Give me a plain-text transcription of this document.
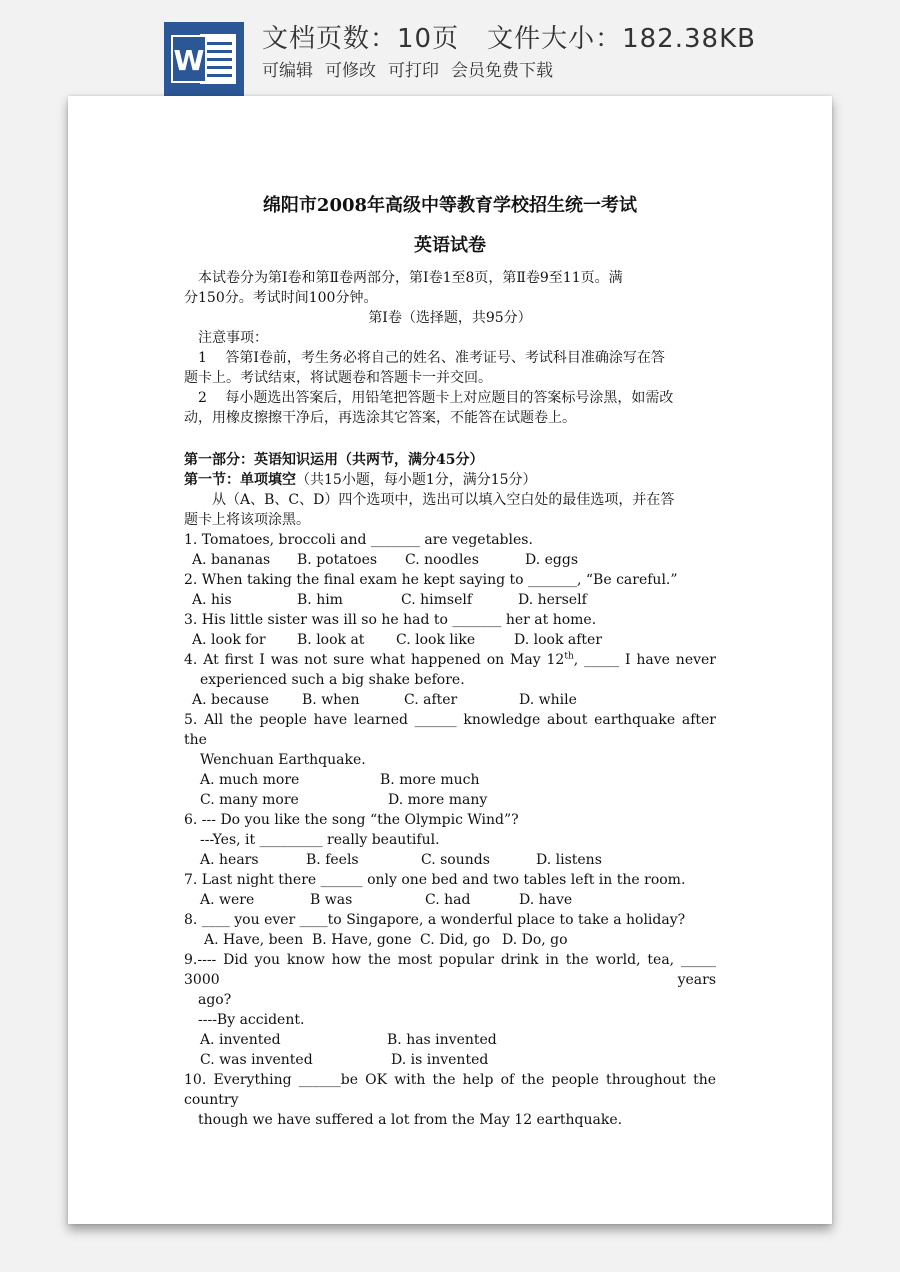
W
文档页数：10页 文件大小：182.38KB
可编辑 可修改 可打印 会员免费下载
绵阳市2008年高级中等教育学校招生统一考试
英语试卷

本试卷分为第Ⅰ卷和第Ⅱ卷两部分，第Ⅰ卷1至8页，第Ⅱ卷9至11页。满

分150分。考试时间100分钟。

第Ⅰ卷（选择题，共95分）

注意事项：

1　 答第Ⅰ卷前，考生务必将自己的姓名、准考证号、考试科目准确涂写在答

题卡上。考试结束，将试题卷和答题卡一并交回。

2　 每小题选出答案后，用铅笔把答题卡上对应题目的答案标号涂黑，如需改

动，用橡皮擦擦干净后，再选涂其它答案，不能答在试题卷上。

第一部分：英语知识运用（共两节，满分45分）

第一节：单项填空（共15小题，每小题1分，满分15分）

从（A、B、C、D）四个选项中，选出可以填入空白处的最佳选项，并在答

题卡上将该项涂黑。

1. Tomatoes, broccoli and _______ are vegetables.

A. bananas	B. potatoes	C. noodles	D. eggs

2. When taking the final exam he kept saying to _______, “Be careful.”

A. his	B. him	C. himself	D. herself

3. His little sister was ill so he had to _______ her at home.

A. look for	B. look at	C. look like	D. look after

4. At first I was not sure what happened on May 12th, _____ I have never

experienced such a big shake before.

A. because	B. when	C. after	D. while

5. All the people have learned ______ knowledge about earthquake after the

Wenchuan Earthquake.

A. much more	B. more much
C. many more	D. more many

6. --- Do you like the song “the Olympic Wind”?

---Yes, it _________ really beautiful.

A. hears	B. feels	C. sounds	D. listens

7. Last night there ______ only one bed and two tables left in the room.

A. were	B was	C. had	D. have

8. ____ you ever ____to Singapore, a wonderful place to take a holiday?

A. Have, been B. Have, gone C. Did, go D. Do, go

9.---- Did you know how the most popular drink in the world, tea, _____ 3000 years

ago?

----By accident.

A. invented	B. has invented
C. was invented	D. is invented

10. Everything ______be OK with the help of the people throughout the country

though we have suffered a lot from the May 12 earthquake.
